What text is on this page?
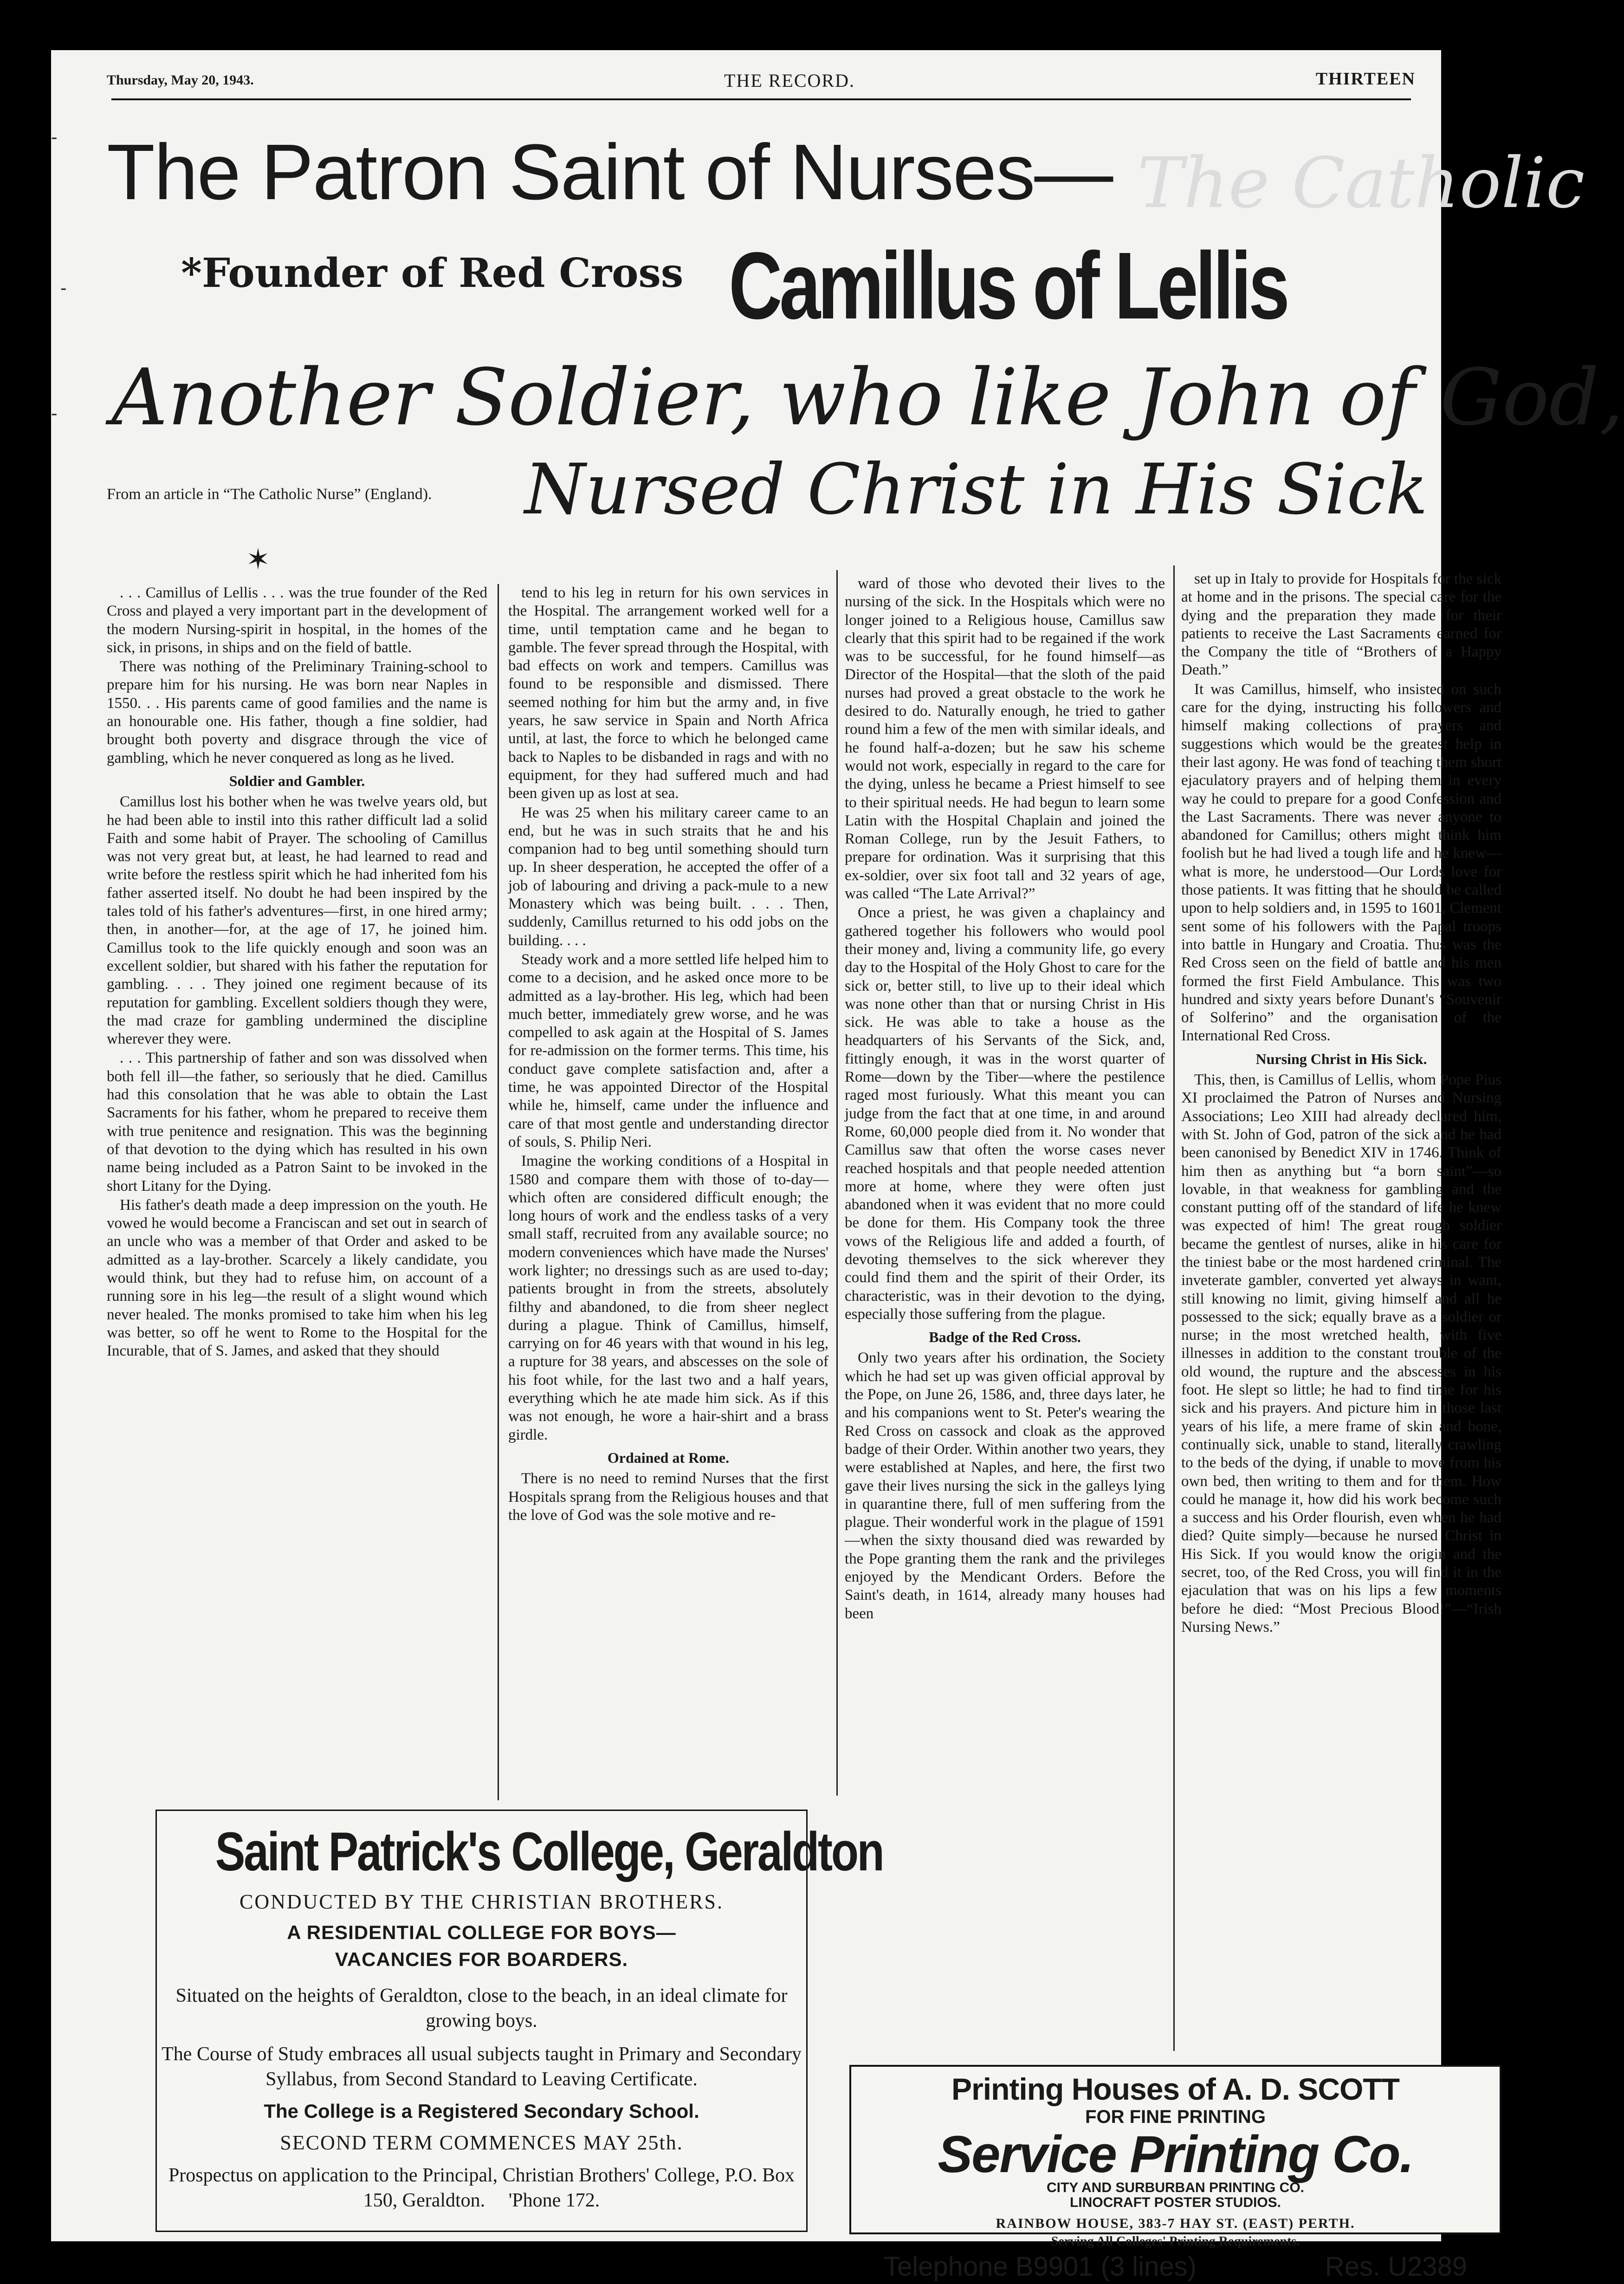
-
-
-
Thursday, May 20, 1943.	THE RECORD.	THIRTEEN
The Catholic
The Patron Saint of Nurses—
*Founder of Red Cross Camillus of Lellis
Another Soldier, who like John of God,
Nursed Christ in His Sick
From an article in “The Catholic Nurse” (England).
✶

. . . Camillus of Lellis . . . was the true founder of the Red Cross and played a very important part in the development of the modern Nursing-spirit in hospital, in the homes of the sick, in prisons, in ships and on the field of battle.

There was nothing of the Preliminary Training-school to prepare him for his nursing. He was born near Naples in 1550. . . His parents came of good families and the name is an honourable one. His father, though a fine soldier, had brought both poverty and disgrace through the vice of gambling, which he never conquered as long as he lived.

Soldier and Gambler.

Camillus lost his bother when he was twelve years old, but he had been able to instil into this rather difficult lad a solid Faith and some habit of Prayer. The schooling of Camillus was not very great but, at least, he had learned to read and write before the restless spirit which he had inherited fom his father asserted itself. No doubt he had been inspired by the tales told of his father's adventures—first, in one hired army; then, in another—for, at the age of 17, he joined him. Camillus took to the life quickly enough and soon was an excellent soldier, but shared with his father the reputation for gambling. . . . They joined one regiment because of its reputation for gambling. Excellent soldiers though they were, the mad craze for gambling undermined the discipline wherever they were.

. . . This partnership of father and son was dissolved when both fell ill—the father, so seriously that he died. Camillus had this consolation that he was able to obtain the Last Sacraments for his father, whom he prepared to receive them with true penitence and resignation. This was the beginning of that devotion to the dying which has resulted in his own name being included as a Patron Saint to be invoked in the short Litany for the Dying.

His father's death made a deep impression on the youth. He vowed he would become a Franciscan and set out in search of an uncle who was a member of that Order and asked to be admitted as a lay-brother. Scarcely a likely candidate, you would think, but they had to refuse him, on account of a running sore in his leg—the result of a slight wound which never healed. The monks promised to take him when his leg was better, so off he went to Rome to the Hospital for the Incurable, that of S. James, and asked that they should

tend to his leg in return for his own services in the Hospital. The arrangement worked well for a time, until temptation came and he began to gamble. The fever spread through the Hospital, with bad effects on work and tempers. Camillus was found to be responsible and dismissed. There seemed nothing for him but the army and, in five years, he saw service in Spain and North Africa until, at last, the force to which he belonged came back to Naples to be disbanded in rags and with no equipment, for they had suffered much and had been given up as lost at sea.

He was 25 when his military career came to an end, but he was in such straits that he and his companion had to beg until something should turn up. In sheer desperation, he accepted the offer of a job of labouring and driving a pack-mule to a new Monastery which was being built. . . . Then, suddenly, Camillus returned to his odd jobs on the building. . . .

Steady work and a more settled life helped him to come to a decision, and he asked once more to be admitted as a lay-brother. His leg, which had been much better, immediately grew worse, and he was compelled to ask again at the Hospital of S. James for re-admission on the former terms. This time, his conduct gave complete satisfaction and, after a time, he was appointed Director of the Hospital while he, himself, came under the influence and care of that most gentle and understanding director of souls, S. Philip Neri.

Imagine the working conditions of a Hospital in 1580 and compare them with those of to-day—which often are considered difficult enough; the long hours of work and the endless tasks of a very small staff, recruited from any available source; no modern conveniences which have made the Nurses' work lighter; no dressings such as are used to-day; patients brought in from the streets, absolutely filthy and abandoned, to die from sheer neglect during a plague. Think of Camillus, himself, carrying on for 46 years with that wound in his leg, a rupture for 38 years, and abscesses on the sole of his foot while, for the last two and a half years, everything which he ate made him sick. As if this was not enough, he wore a hair-shirt and a brass girdle.

Ordained at Rome.

There is no need to remind Nurses that the first Hospitals sprang from the Religious houses and that the love of God was the sole motive and re-

ward of those who devoted their lives to the nursing of the sick. In the Hospitals which were no longer joined to a Religious house, Camillus saw clearly that this spirit had to be regained if the work was to be successful, for he found himself—as Director of the Hospital—that the sloth of the paid nurses had proved a great obstacle to the work he desired to do. Naturally enough, he tried to gather round him a few of the men with similar ideals, and he found half-a-dozen; but he saw his scheme would not work, especially in regard to the care for the dying, unless he became a Priest himself to see to their spiritual needs. He had begun to learn some Latin with the Hospital Chaplain and joined the Roman College, run by the Jesuit Fathers, to prepare for ordination. Was it surprising that this ex-soldier, over six foot tall and 32 years of age, was called “The Late Arrival?”

Once a priest, he was given a chaplaincy and gathered together his followers who would pool their money and, living a community life, go every day to the Hospital of the Holy Ghost to care for the sick or, better still, to live up to their ideal which was none other than that or nursing Christ in His sick. He was able to take a house as the headquarters of his Servants of the Sick, and, fittingly enough, it was in the worst quarter of Rome—down by the Tiber—where the pestilence raged most furiously. What this meant you can judge from the fact that at one time, in and around Rome, 60,000 people died from it. No wonder that Camillus saw that often the worse cases never reached hospitals and that people needed attention more at home, where they were often just abandoned when it was evident that no more could be done for them. His Company took the three vows of the Religious life and added a fourth, of devoting themselves to the sick wherever they could find them and the spirit of their Order, its characteristic, was in their devotion to the dying, especially those suffering from the plague.

Badge of the Red Cross.

Only two years after his ordination, the Society which he had set up was given official approval by the Pope, on June 26, 1586, and, three days later, he and his companions went to St. Peter's wearing the Red Cross on cassock and cloak as the approved badge of their Order. Within another two years, they were established at Naples, and here, the first two gave their lives nursing the sick in the galleys lying in quarantine there, full of men suffering from the plague. Their wonderful work in the plague of 1591—when the sixty thousand died was rewarded by the Pope granting them the rank and the privileges enjoyed by the Mendicant Orders. Before the Saint's death, in 1614, already many houses had been

set up in Italy to provide for Hospitals for the sick at home and in the prisons. The special care for the dying and the preparation they made for their patients to receive the Last Sacraments earned for the Company the title of “Brothers of a Happy Death.”

It was Camillus, himself, who insisted on such care for the dying, instructing his followers and himself making collections of prayers and suggestions which would be the greatest help in their last agony. He was fond of teaching them short ejaculatory prayers and of helping them in every way he could to prepare for a good Confession and the Last Sacraments. There was never anyone to abandoned for Camillus; others might think him foolish but he had lived a tough life and he knew—what is more, he understood—Our Lords love for those patients. It was fitting that he should be called upon to help soldiers and, in 1595 to 1601, Clement sent some of his followers with the Papal troops into battle in Hungary and Croatia. Thus was the Red Cross seen on the field of battle and his men formed the first Field Ambulance. This was two hundred and sixty years before Dunant's “Souvenir of Solferino” and the organisation of the International Red Cross.

Nursing Christ in His Sick.

This, then, is Camillus of Lellis, whom Pope Pius XI proclaimed the Patron of Nurses and Nursing Associations; Leo XIII had already declared him, with St. John of God, patron of the sick and he had been canonised by Benedict XIV in 1746. Think of him then as anything but “a born saint”—so lovable, in that weakness for gambling and the constant putting off of the standard of life he knew was expected of him! The great rough soldier became the gentlest of nurses, alike in his care for the tiniest babe or the most hardened criminal. The inveterate gambler, converted yet always in want, still knowing no limit, giving himself and all he possessed to the sick; equally brave as a soldier or nurse; in the most wretched health, with five illnesses in addition to the constant trouble of the old wound, the rupture and the abscesses in his foot. He slept so little; he had to find time for his sick and his prayers. And picture him in those last years of his life, a mere frame of skin and bone, continually sick, unable to stand, literally crawling to the beds of the dying, if unable to move from his own bed, then writing to them and for them. How could he manage it, how did his work become such a success and his Order flourish, even when he had died? Quite simply—because he nursed Christ in His Sick. If you would know the origin and the secret, too, of the Red Cross, you will find it in the ejaculation that was on his lips a few moments before he died: “Most Precious Blood!”—“Irish Nursing News.”

Saint Patrick's College, Geraldton
CONDUCTED BY THE CHRISTIAN BROTHERS.
A RESIDENTIAL COLLEGE FOR BOYS—
VACANCIES FOR BOARDERS.
Situated on the heights of Geraldton, close to the beach, in an ideal climate for growing boys.
The Course of Study embraces all usual subjects taught in Primary and Secondary Syllabus, from Second Standard to Leaving Certificate.
The College is a Registered Secondary School.
SECOND TERM COMMENCES MAY 25th.
Prospectus on application to the Principal, Christian Brothers' College, P.O. Box 150, Geraldton. 'Phone 172.
Printing Houses of A. D. SCOTT
FOR FINE PRINTING
Service Printing Co.
CITY AND SURBURBAN PRINTING CO.
LINOCRAFT POSTER STUDIOS.
RAINBOW HOUSE, 383-7 HAY ST. (EAST) PERTH.
Serving All Colleges' Printing Requirements.
Telephone B9901 (3 lines)	Res. U2389
